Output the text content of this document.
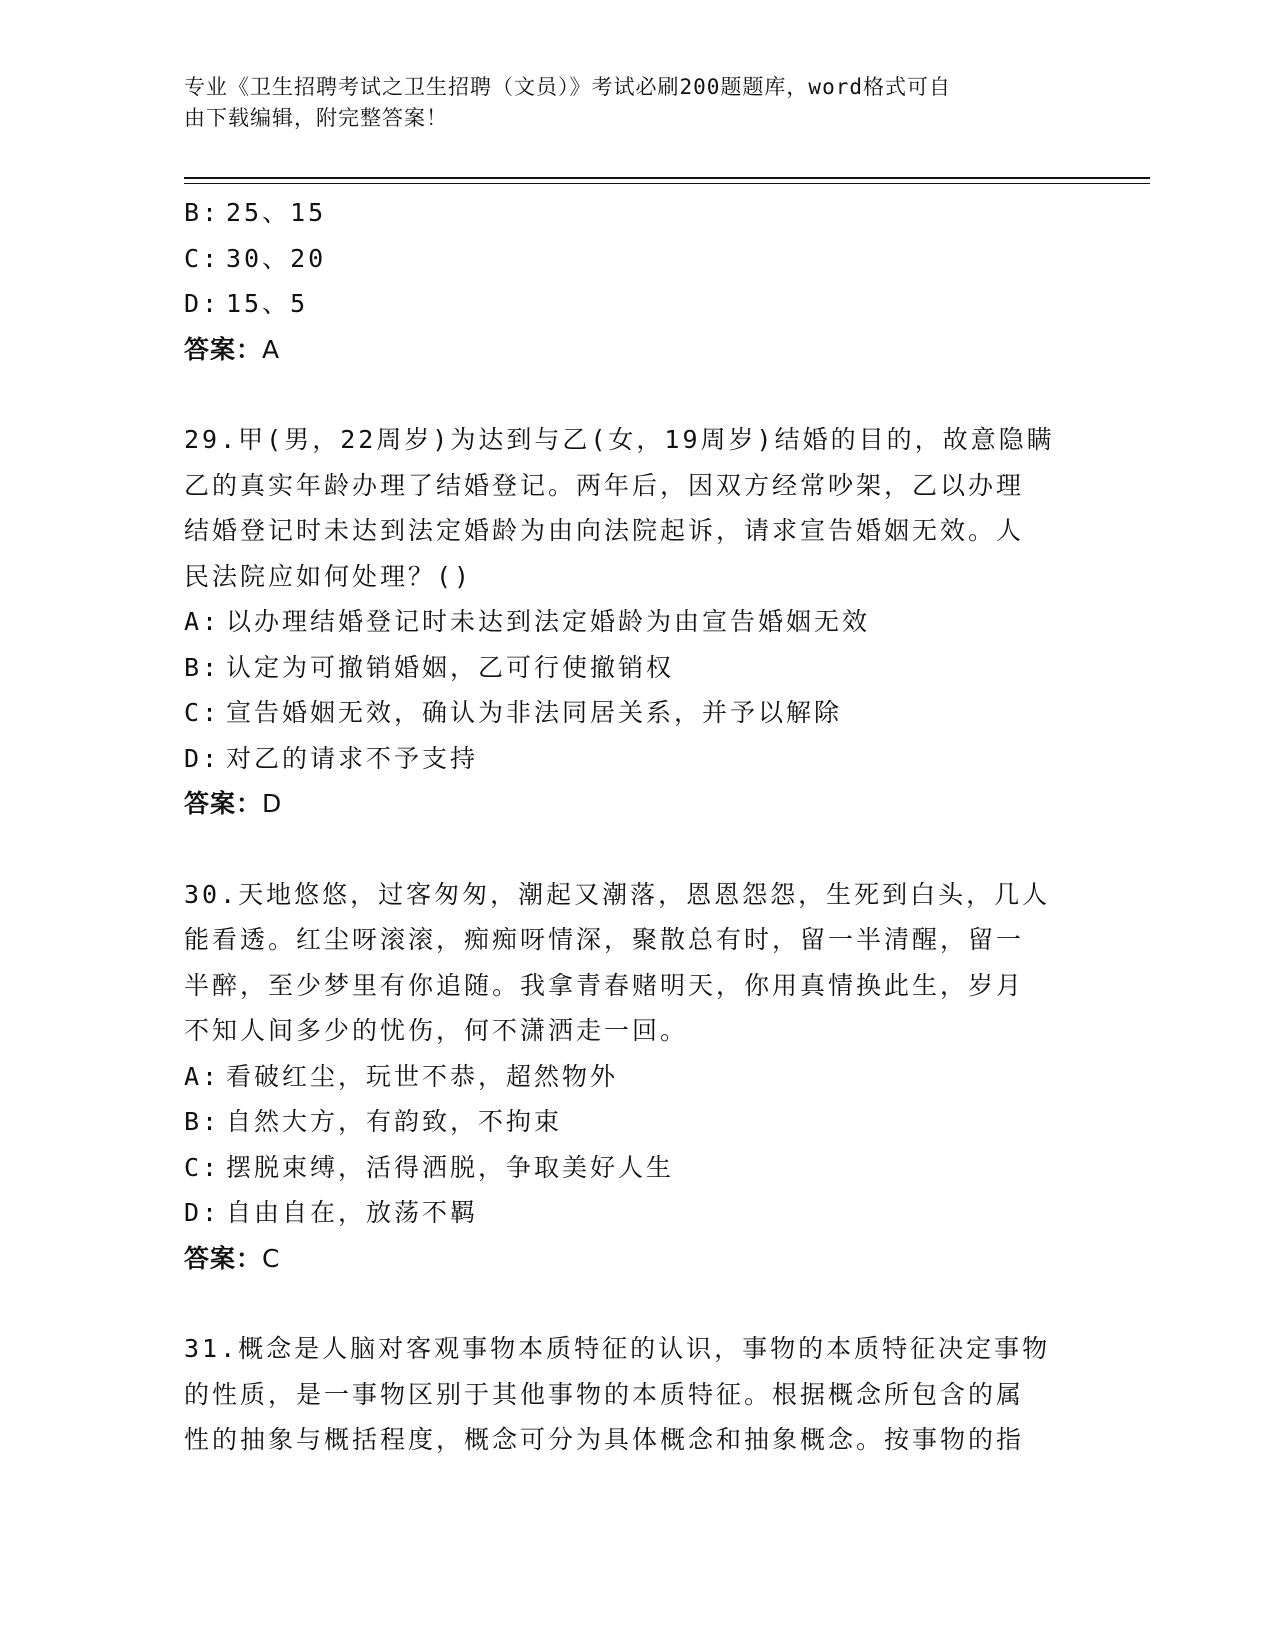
专业《卫生招聘考试之卫生招聘（文员）》考试必刷200题题库，word格式可自
由下载编辑，附完整答案！
B: 25、15
C: 30、20
D: 15、5
答案：A
29.甲(男，22周岁)为达到与乙(女，19周岁)结婚的目的，故意隐瞒
乙的真实年龄办理了结婚登记。两年后，因双方经常吵架，乙以办理
结婚登记时未达到法定婚龄为由向法院起诉，请求宣告婚姻无效。人
民法院应如何处理？()
A: 以办理结婚登记时未达到法定婚龄为由宣告婚姻无效
B: 认定为可撤销婚姻，乙可行使撤销权
C: 宣告婚姻无效，确认为非法同居关系，并予以解除
D: 对乙的请求不予支持
答案：D
30.天地悠悠，过客匆匆，潮起又潮落，恩恩怨怨，生死到白头，几人
能看透。红尘呀滚滚，痴痴呀情深，聚散总有时，留一半清醒，留一
半醉，至少梦里有你追随。我拿青春赌明天，你用真情换此生，岁月
不知人间多少的忧伤，何不潇洒走一回。
A: 看破红尘，玩世不恭，超然物外
B: 自然大方，有韵致，不拘束
C: 摆脱束缚，活得洒脱，争取美好人生
D: 自由自在，放荡不羁
答案：C
31.概念是人脑对客观事物本质特征的认识，事物的本质特征决定事物
的性质，是一事物区别于其他事物的本质特征。根据概念所包含的属
性的抽象与概括程度，概念可分为具体概念和抽象概念。按事物的指
